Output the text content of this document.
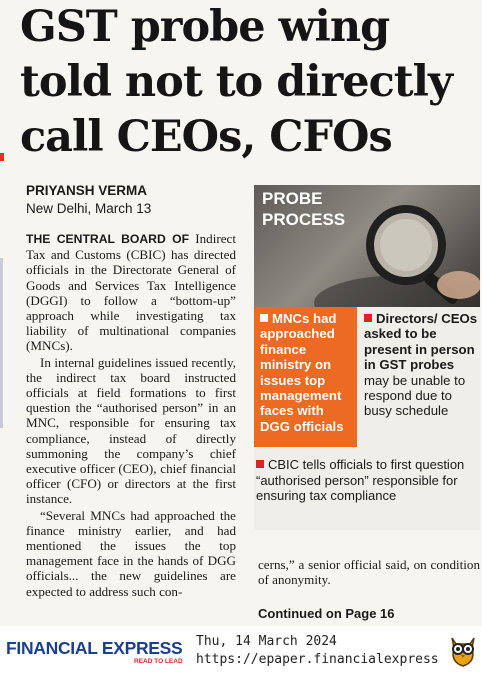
GST probe wing
told not to directly
call CEOs, CFOs
PRIYANSH VERMA
New Delhi, March 13

THE CENTRAL BOARD OF Indirect Tax and Customs (CBIC) has directed officials in the Directorate General of Goods and Services Tax Intelligence (DGGI) to follow a “bottom-up” approach while investigating tax liability of multinational companies (MNCs).

In internal guidelines issued recently, the indirect tax board instructed officials at field formations to first question the “authorised person” in an MNC, responsible for ensuring tax compliance, instead of directly summoning the company’s chief executive officer (CEO), chief financial officer (CFO) or directors at the first instance.

“Several MNCs had approached the finance ministry earlier, and had mentioned the issues the top management face in the hands of DGG officials... the new guidelines are expected to address such con-

PROBE
PROCESS
MNCs had approached finance ministry on issues top management faces with DGG officials
Directors/ CEOs asked to be present in person in GST probes may be unable to respond due to busy schedule
CBIC tells officials to first question “authorised person” responsible for ensuring tax compliance
cerns,” a senior official said, on condition of anonymity.
Continued on Page 16
FINANCIAL EXPRESS
READ TO LEAD
Thu, 14 March 2024
https://epaper.financialexpress
